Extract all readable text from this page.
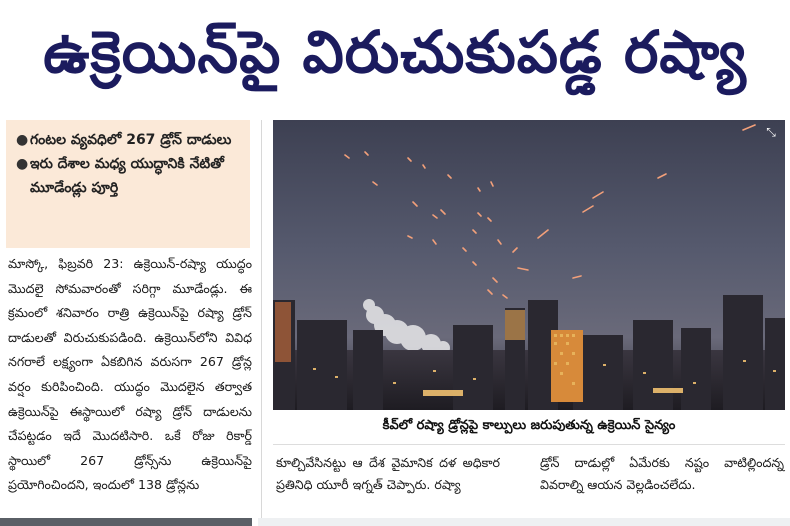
ఉక్రెయిన్‌పై విరుచుకుపడ్డ రష్యా
● గంటల వ్యవధిలో 267 డ్రోన్ దాడులు
● ఇరు దేశాల మధ్య యుద్ధానికి నేటితో మూడేండ్లు పూర్తి

మాస్కో, ఫిబ్రవరి 23: ఉక్రెయిన్‌-రష్యా యుద్ధం మొదలై సోమవారంతో సరిగ్గా మూడేండ్లు. ఈ క్రమంలో శనివారం రాత్రి ఉక్రెయిన్‌పై రష్యా డ్రోన్‌ దాడులతో విరుచుకుపడింది. ఉక్రెయిన్‌లోని వివిధ నగరాలే లక్ష్యంగా ఏకబిగిన వరుసగా 267 డ్రోన్ల వర్షం కురిపించింది. యుద్ధం మొదలైన తర్వాత ఉక్రెయిన్‌పై ఈస్థాయిలో రష్యా డ్రోన్‌ దాడులను చేపట్టడం ఇదే మొదటిసారి. ఒకే రోజు రికార్డ్‌ స్థాయిలో 267 డ్రోన్స్‌ను ఉక్రెయిన్‌పై ప్రయోగించిందని, ఇందులో 138 డ్రోన్లను

⤡
కీవ్‌లో రష్యా డ్రోన్లపై కాల్పులు జరుపుతున్న ఉక్రెయిన్‌ సైన్యం
కూల్చివేసినట్టు ఆ దేశ వైమానిక దళ అధికార ప్రతినిధి యూరీ ఇగ్నత్‌ చెప్పారు. రష్యా
డ్రోన్‌ దాడుల్లో ఏమేరకు నష్టం వాటిల్లిందన్న వివరాల్ని ఆయన వెల్లడించలేదు.
